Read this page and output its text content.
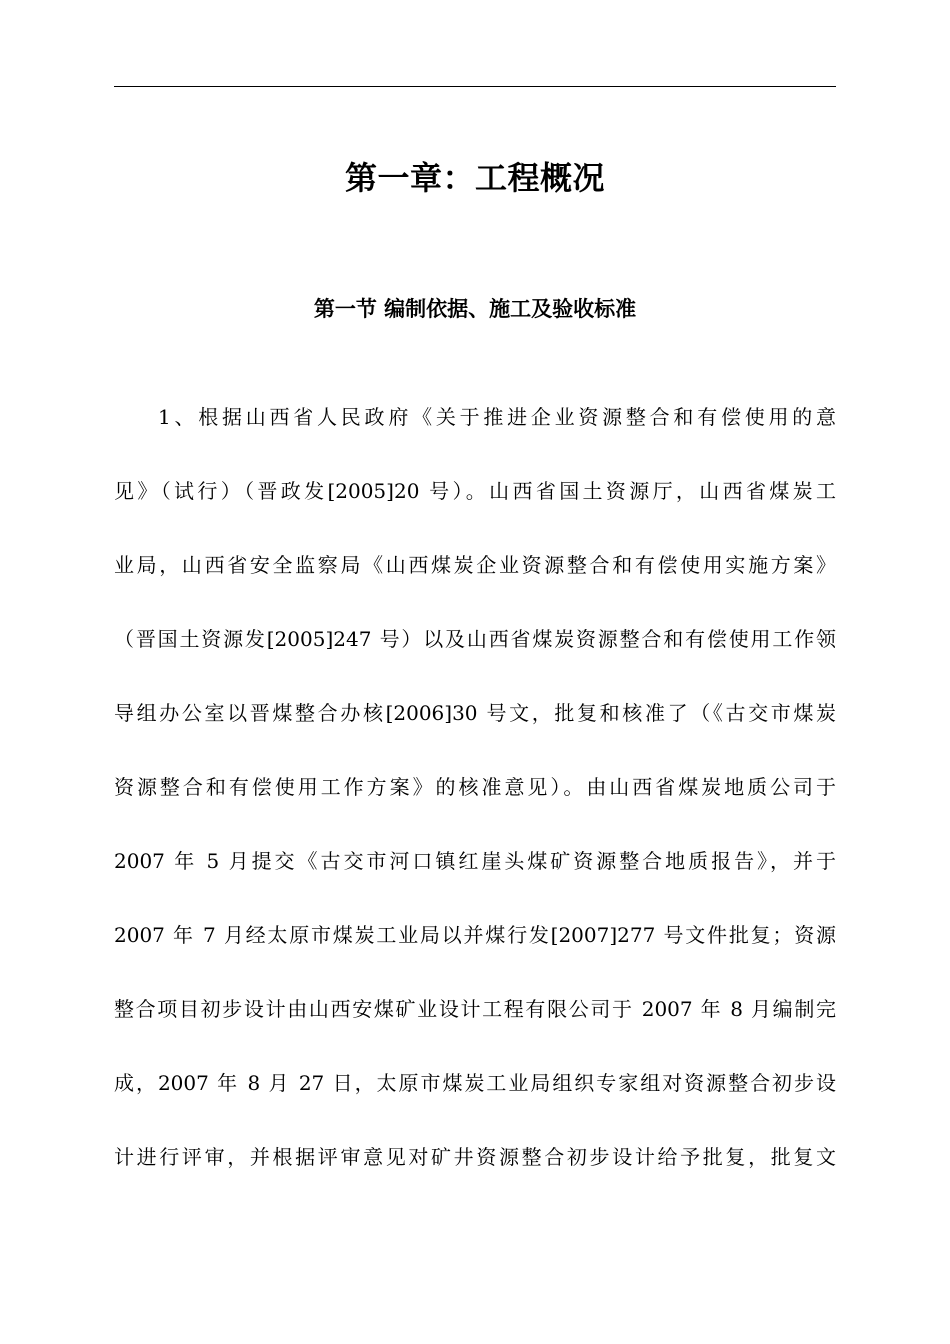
第一章：工程概况
第一节 编制依据、施工及验收标准
1、根据山西省人民政府《关于推进企业资源整合和有偿使用的意
见》（试行）（晋政发[2005]20 号）。山西省国土资源厅，山西省煤炭工
业局，山西省安全监察局《山西煤炭企业资源整合和有偿使用实施方案》
（晋国土资源发[2005]247 号）以及山西省煤炭资源整合和有偿使用工作领
导组办公室以晋煤整合办核[2006]30 号文，批复和核准了（《古交市煤炭
资源整合和有偿使用工作方案》的核准意见）。由山西省煤炭地质公司于
2007 年 5 月提交《古交市河口镇红崖头煤矿资源整合地质报告》，并于
2007 年 7 月经太原市煤炭工业局以并煤行发[2007]277 号文件批复；资源
整合项目初步设计由山西安煤矿业设计工程有限公司于 2007 年 8 月编制完
成，2007 年 8 月 27 日，太原市煤炭工业局组织专家组对资源整合初步设
计进行评审，并根据评审意见对矿井资源整合初步设计给予批复，批复文
